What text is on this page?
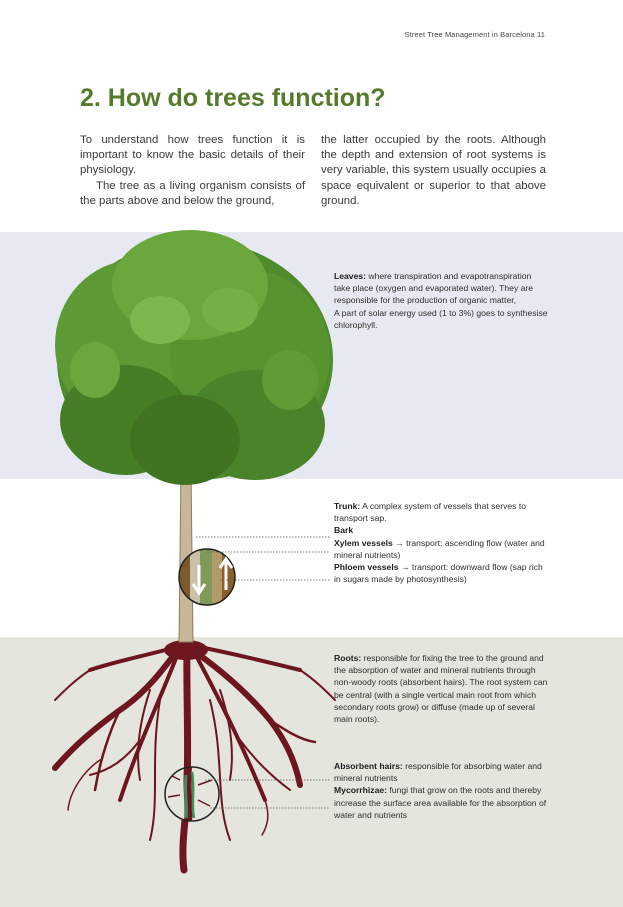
Street Tree Management in Barcelona 11
2. How do trees function?

To understand how trees function it is important to know the basic details of their physiology.

The tree as a living organism consists of the parts above and below the ground,

the latter occupied by the roots. Although the depth and extension of root systems is very variable, this system usually occupies a space equivalent or superior to that above ground.

Leaves: where transpiration and evapotranspiration take place (oxygen and evaporated water). They are responsible for the production of organic matter,

A part of solar energy used (1 to 3%) goes to synthesise chlorophyll.

Trunk: A complex system of vessels that serves to transport sap.

Bark

Xylem vessels → transport: ascending flow (water and mineral nutrients)

Phloem vessels → transport: downward flow (sap rich in sugars made by photosynthesis)

Roots: responsible for fixing the tree to the ground and the absorption of water and mineral nutrients through non-woody roots (absorbent hairs). The root system can be central (with a single vertical main root from which secondary roots grow) or diffuse (made up of several main roots).

Absorbent hairs: responsible for absorbing water and mineral nutrients

Mycorrhizae: fungi that grow on the roots and thereby increase the surface area available for the absorption of water and nutrients
